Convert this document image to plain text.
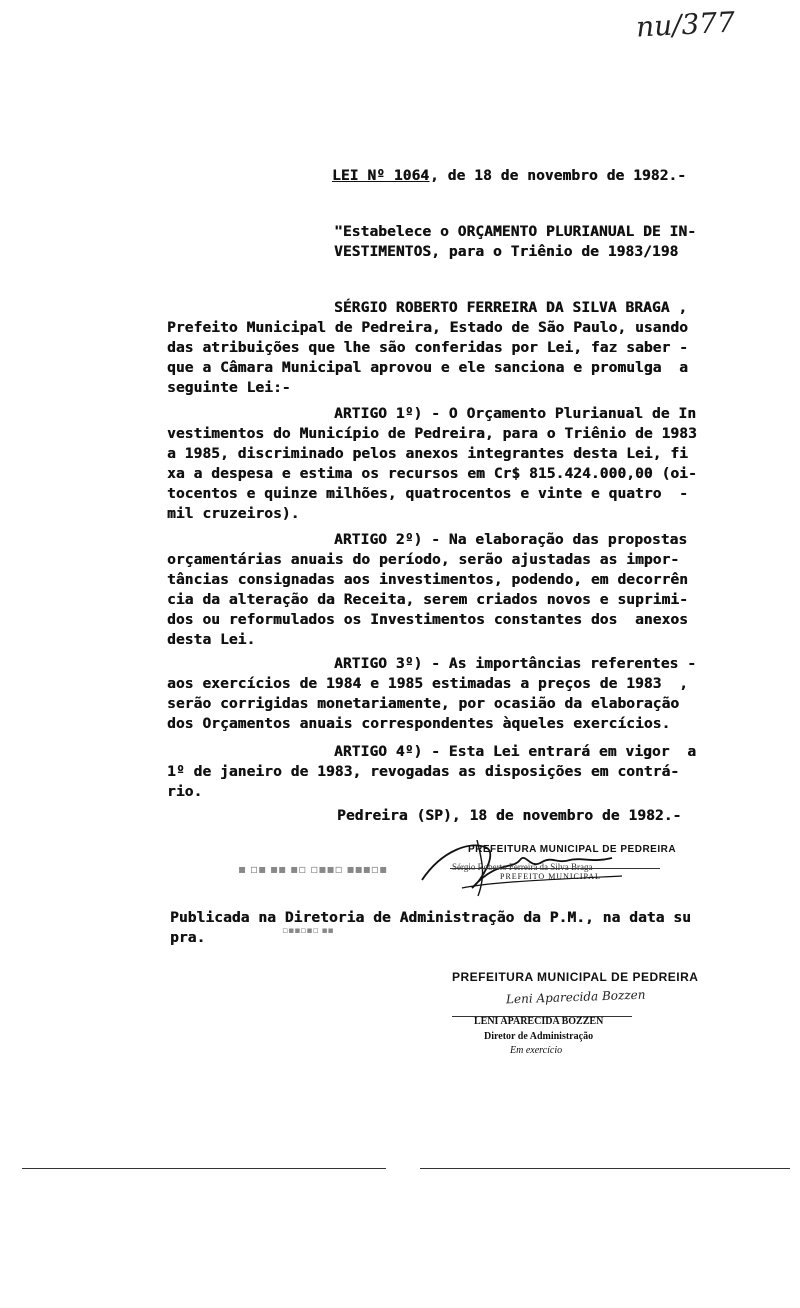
nu/377
LEI Nº 1064 , de 18 de novembro de 1982.-
"Estabelece o ORÇAMENTO PLURIANUAL DE IN-
VESTIMENTOS, para o Triênio de 1983/198
SÉRGIO ROBERTO FERREIRA DA SILVA BRAGA ,
Prefeito Municipal de Pedreira, Estado de São Paulo, usando
das atribuições que lhe são conferidas por Lei, faz saber -
que a Câmara Municipal aprovou e ele sanciona e promulga  a
seguinte Lei:-
ARTIGO 1º) - O Orçamento Plurianual de In
vestimentos do Município de Pedreira, para o Triênio de 1983
a 1985, discriminado pelos anexos integrantes desta Lei, fi
xa a despesa e estima os recursos em Cr$ 815.424.000,00 (oi-
tocentos e quinze milhões, quatrocentos e vinte e quatro  -
mil cruzeiros).
ARTIGO 2º) - Na elaboração das propostas
orçamentárias anuais do período, serão ajustadas as impor-
tâncias consignadas aos investimentos, podendo, em decorrên
cia da alteração da Receita, serem criados novos e suprimi-
dos ou reformulados os Investimentos constantes dos  anexos
desta Lei.
ARTIGO 3º) - As importâncias referentes -
aos exercícios de 1984 e 1985 estimadas a preços de 1983  ,
serão corrigidas monetariamente, por ocasião da elaboração
dos Orçamentos anuais correspondentes àqueles exercícios.
ARTIGO 4º) - Esta Lei entrará em vigor  a
1º de janeiro de 1983, revogadas as disposições em contrá-
rio.
Pedreira (SP), 18 de novembro de 1982.-
PREFEITURA MUNICIPAL DE PEDREIRA
Sérgio Roberto Ferreira da Silva Braga
PREFEITO MUNICIPAL
▪ ▫▪ ▪▪ ▪▫ ▫▪▪▫ ▪▪▪▫▪
Publicada na Diretoria de Administração da P.M., na data su
pra.	▫▪▪▫▪▫ ▪▪
PREFEITURA MUNICIPAL DE PEDREIRA
Leni Aparecida Bozzen
LENI APARECIDA BOZZEN
Diretor de Administração
Em exercício
